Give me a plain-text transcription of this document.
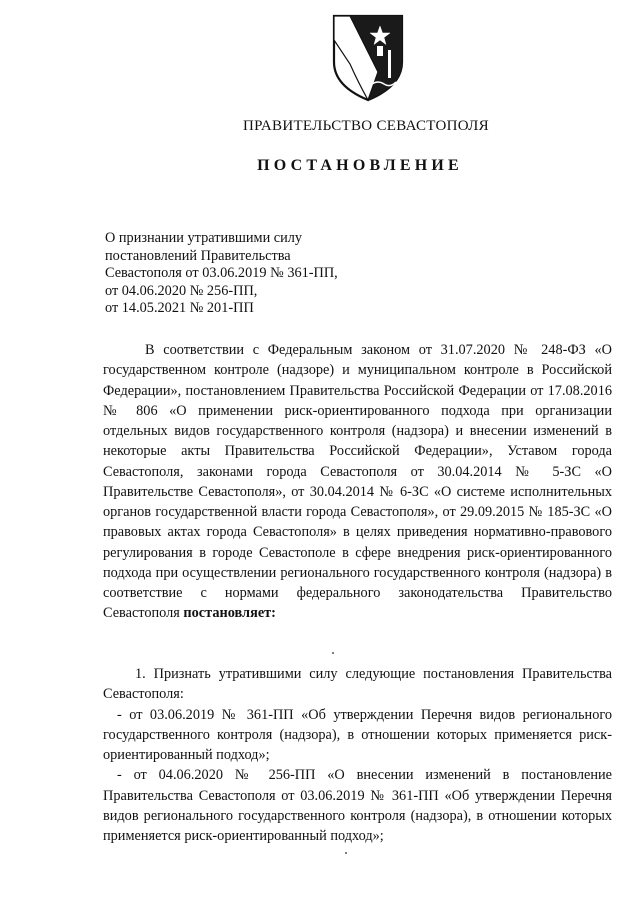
ПРАВИТЕЛЬСТВО СЕВАСТОПОЛЯ
ПОСТАНОВЛЕНИЕ
О признании утратившими силу
постановлений Правительства
Севастополя от 03.06.2019 № 361-ПП,
от 04.06.2020 № 256-ПП,
от 14.05.2021 № 201-ПП

В соответствии с Федеральным законом от 31.07.2020 № 248-ФЗ «О государственном контроле (надзоре) и муниципальном контроле в Российской Федерации», постановлением Правительства Российской Федерации от 17.08.2016 № 806 «О применении риск-ориентированного подхода при организации отдельных видов государственного контроля (надзора) и внесении изменений в некоторые акты Правительства Российской Федерации», Уставом города Севастополя, законами города Севастополя от 30.04.2014 № 5-ЗС «О Правительстве Севастополя», от 30.04.2014 № 6-ЗС «О системе исполнительных органов государственной власти города Севастополя», от 29.09.2015 № 185-ЗС «О правовых актах города Севастополя» в целях приведения нормативно-правового регулирования в городе Севастополе в сфере внедрения риск-ориентированного подхода при осуществлении регионального государственного контроля (надзора) в соответствие с нормами федерального законодательства Правительство Севастополя постановляет:

1. Признать утратившими силу следующие постановления Правительства Севастополя:

- от 03.06.2019 № 361-ПП «Об утверждении Перечня видов регионального государственного контроля (надзора), в отношении которых применяется риск-ориентированный подход»;

- от 04.06.2020 № 256-ПП «О внесении изменений в постановление Правительства Севастополя от 03.06.2019 № 361-ПП «Об утверждении Перечня видов регионального государственного контроля (надзора), в отношении которых применяется риск-ориентированный подход»;
